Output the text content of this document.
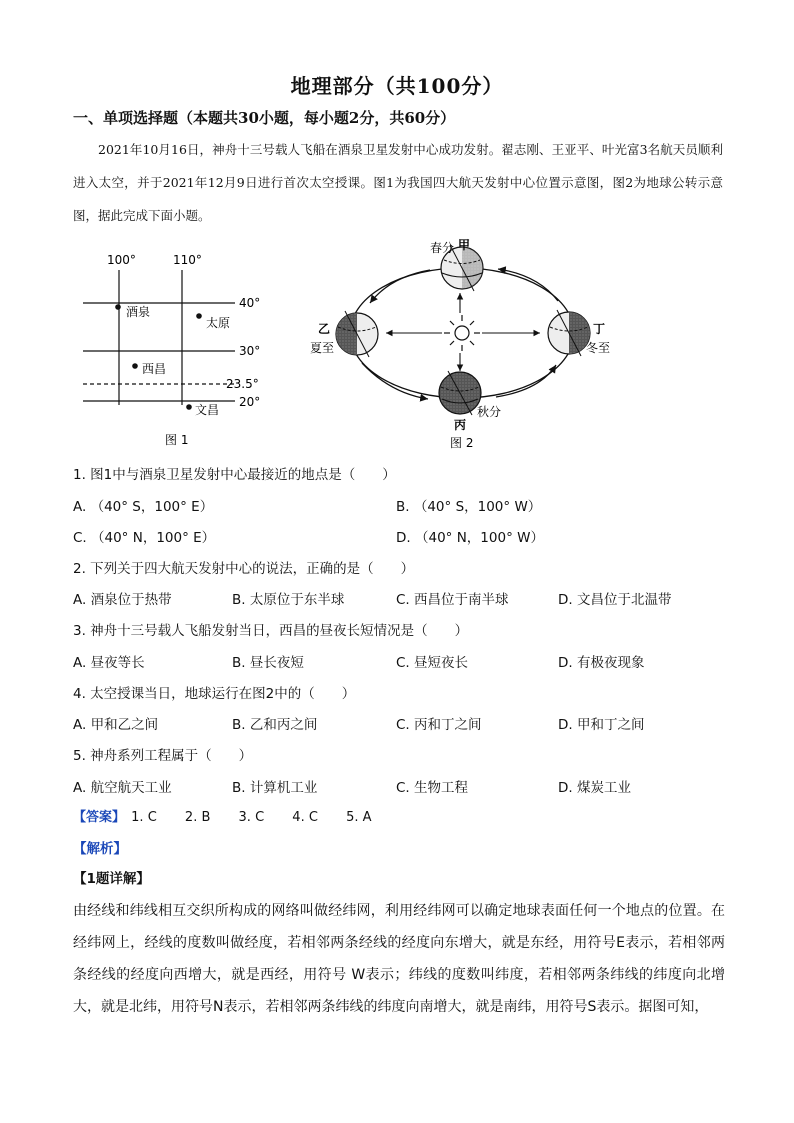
地理部分（共100分）
一、单项选择题（本题共30小题，每小题2分，共60分）
2021年10月16日，神舟十三号载人飞船在酒泉卫星发射中心成功发射。翟志刚、王亚平、叶光富3名航天员顺利进入太空，并于2021年12月9日进行首次太空授课。图1为我国四大航天发射中心位置示意图，图2为地球公转示意图，据此完成下面小题。
100°	110°
40°
30°
23.5°
20°
酒泉
太原
西昌
文昌
图 1
春分 甲
乙
夏至
秋分
丙
丁
冬至
图 2
1. 图1中与酒泉卫星发射中心最接近的地点是（　　）
A. （40° S，100° E）	B. （40° S，100° W）
C. （40° N，100° E）	D. （40° N，100° W）
2. 下列关于四大航天发射中心的说法，正确的是（　　）
A. 酒泉位于热带	B. 太原位于东半球	C. 西昌位于南半球	D. 文昌位于北温带
3. 神舟十三号载人飞船发射当日，西昌的昼夜长短情况是（　　）
A. 昼夜等长	B. 昼长夜短	C. 昼短夜长	D. 有极夜现象
4. 太空授课当日，地球运行在图2中的（　　）
A. 甲和乙之间	B. 乙和丙之间	C. 丙和丁之间	D. 甲和丁之间
5. 神舟系列工程属于（　　）
A. 航空航天工业	B. 计算机工业	C. 生物工程	D. 煤炭工业
【答案】 1. C 2. B 3. C 4. C 5. A
【解析】
【1题详解】
由经线和纬线相互交织所构成的网络叫做经纬网，利用经纬网可以确定地球表面任何一个地点的位置。在经纬网上，经线的度数叫做经度，若相邻两条经线的经度向东增大，就是东经，用符号E表示，若相邻两条经线的经度向西增大，就是西经，用符号 W表示；纬线的度数叫纬度，若相邻两条纬线的纬度向北增大，就是北纬，用符号N表示，若相邻两条纬线的纬度向南增大，就是南纬，用符号S表示。据图可知，
